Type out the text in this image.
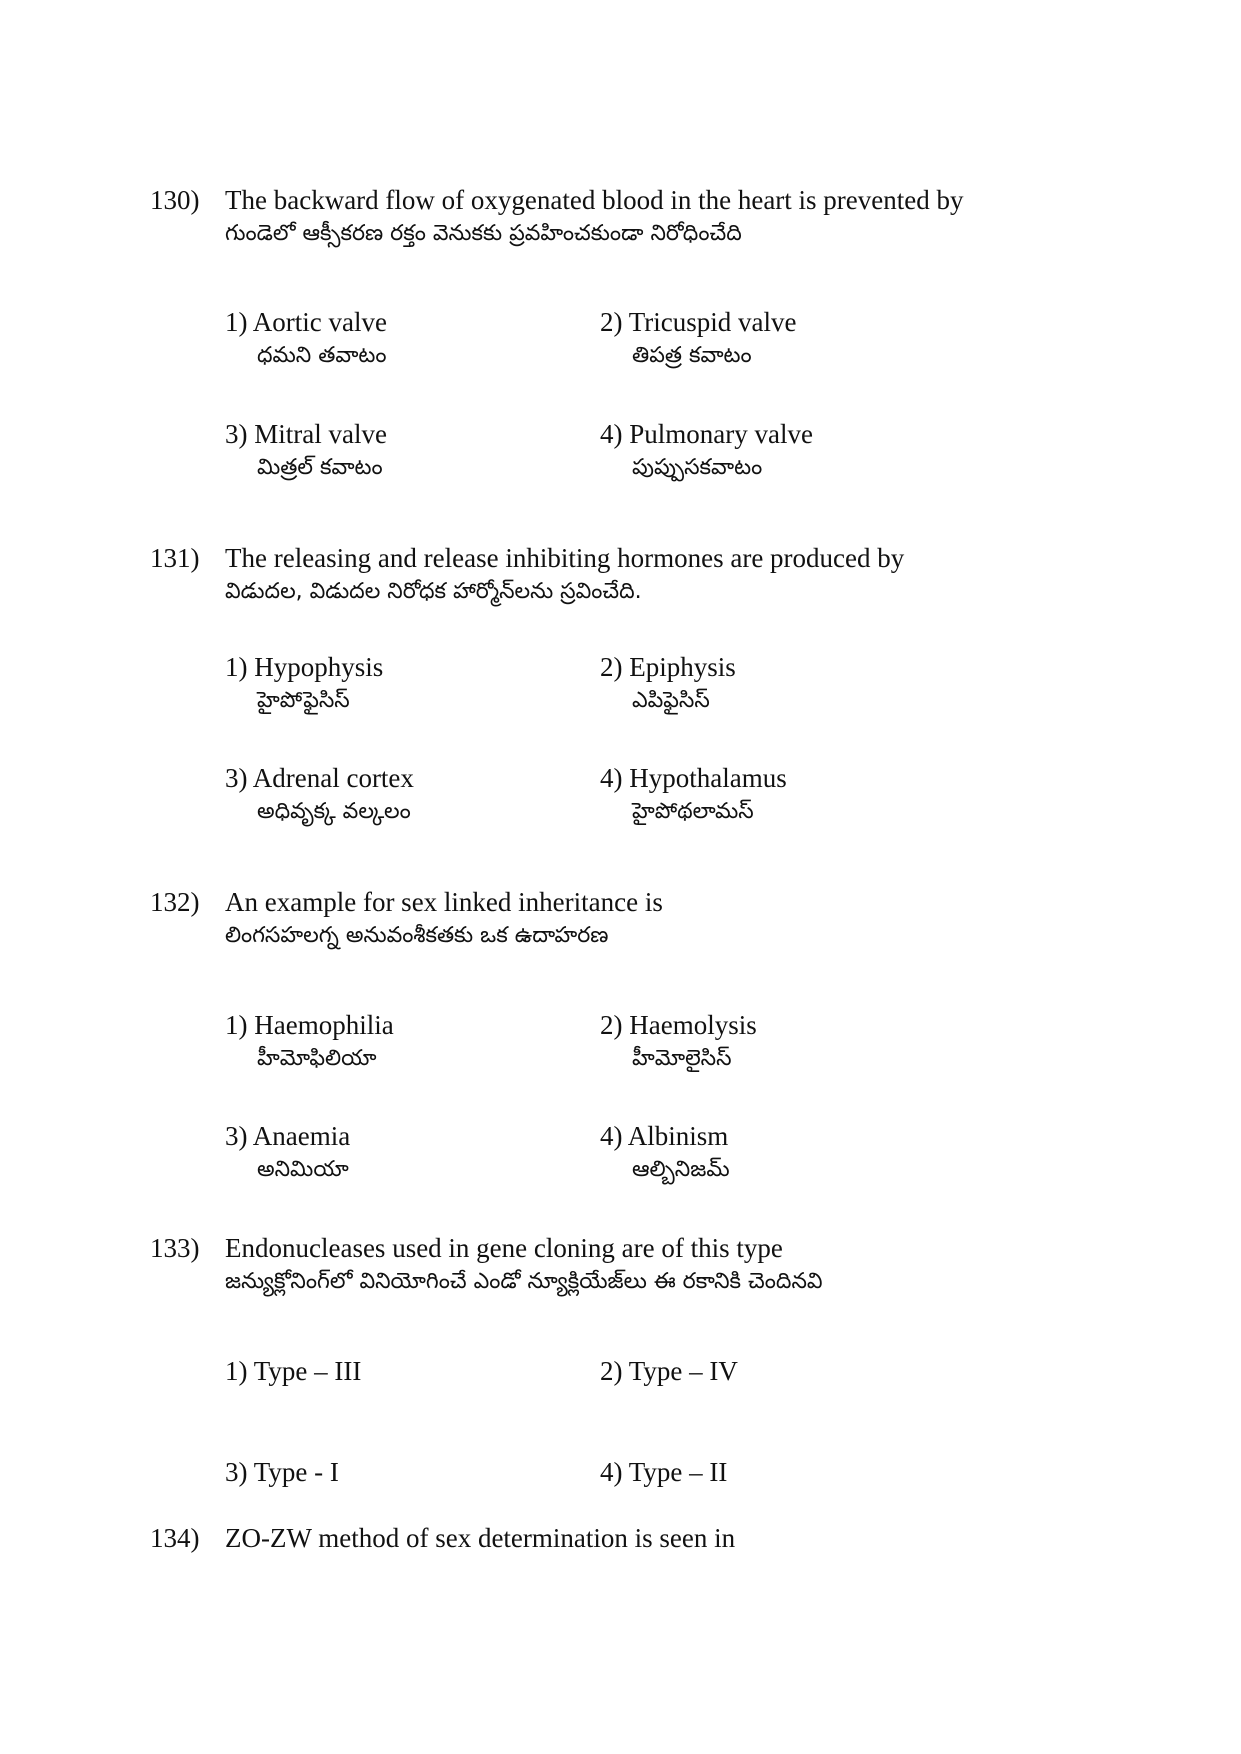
130) The backward flow of oxygenated blood in the heart is prevented by
గుండెలో ఆక్సీకరణ రక్తం వెనుకకు ప్రవహించకుండా నిరోధించేది
1) Aortic valve
ధమని తవాటం
2) Tricuspid valve
తిపత్ర కవాటం
3) Mitral valve
మిత్రల్ కవాటం
4) Pulmonary valve
పుప్పుసకవాటం
131) The releasing and release inhibiting hormones are produced by
విడుదల, విడుదల నిరోధక హార్మోన్‌లను స్రవించేది.
1) Hypophysis
హైపోఫైసిస్
2) Epiphysis
ఎపిఫైసిస్
3) Adrenal cortex
అధివృక్క వల్కలం
4) Hypothalamus
హైపోథలామస్
132) An example for sex linked inheritance is
లింగసహలగ్న అనువంశీకతకు ఒక ఉదాహరణ
1) Haemophilia
హీమోఫిలియా
2) Haemolysis
హీమోలైసిస్
3) Anaemia
అనిమియా
4) Albinism
ఆల్బినిజమ్
133) Endonucleases used in gene cloning are of this type
జన్యుక్లోనింగ్‌లో వినియోగించే ఎండో న్యూక్లియేజ్‌లు ఈ రకానికి చెందినవి
1) Type – III	2) Type – IV
3) Type - I	4) Type – II
134) ZO-ZW method of sex determination is seen in
